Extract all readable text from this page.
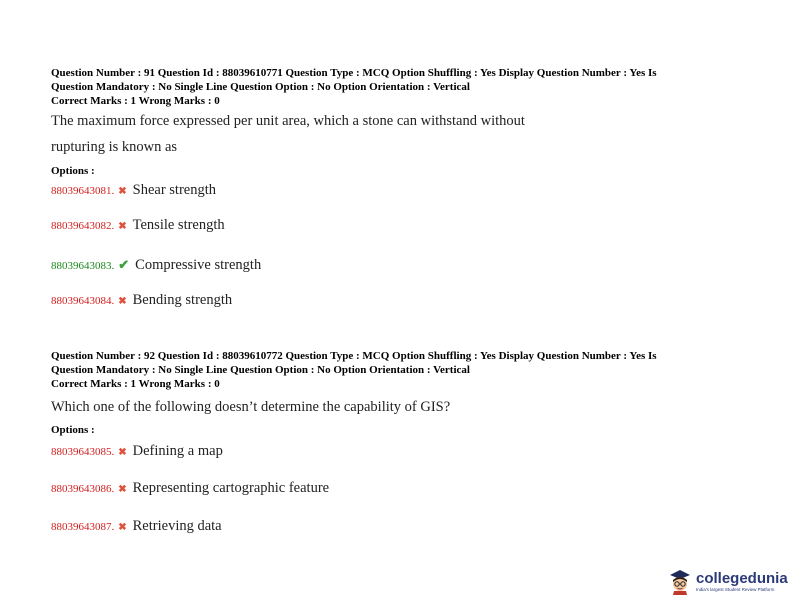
Question Number : 91 Question Id : 88039610771 Question Type : MCQ Option Shuffling : Yes Display Question Number : Yes Is
Question Mandatory : No Single Line Question Option : No Option Orientation : Vertical
Correct Marks : 1 Wrong Marks : 0
The maximum force expressed per unit area, which a stone can withstand without
rupturing is known as
Options :
88039643081. ✖ Shear strength
88039643082. ✖ Tensile strength
88039643083. ✔ Compressive strength
88039643084. ✖ Bending strength
Question Number : 92 Question Id : 88039610772 Question Type : MCQ Option Shuffling : Yes Display Question Number : Yes Is
Question Mandatory : No Single Line Question Option : No Option Orientation : Vertical
Correct Marks : 1 Wrong Marks : 0
Which one of the following doesn’t determine the capability of GIS?
Options :
88039643085. ✖ Defining a map
88039643086. ✖ Representing cartographic feature
88039643087. ✖ Retrieving data
collegedunia
India's largest Student Review Platform
